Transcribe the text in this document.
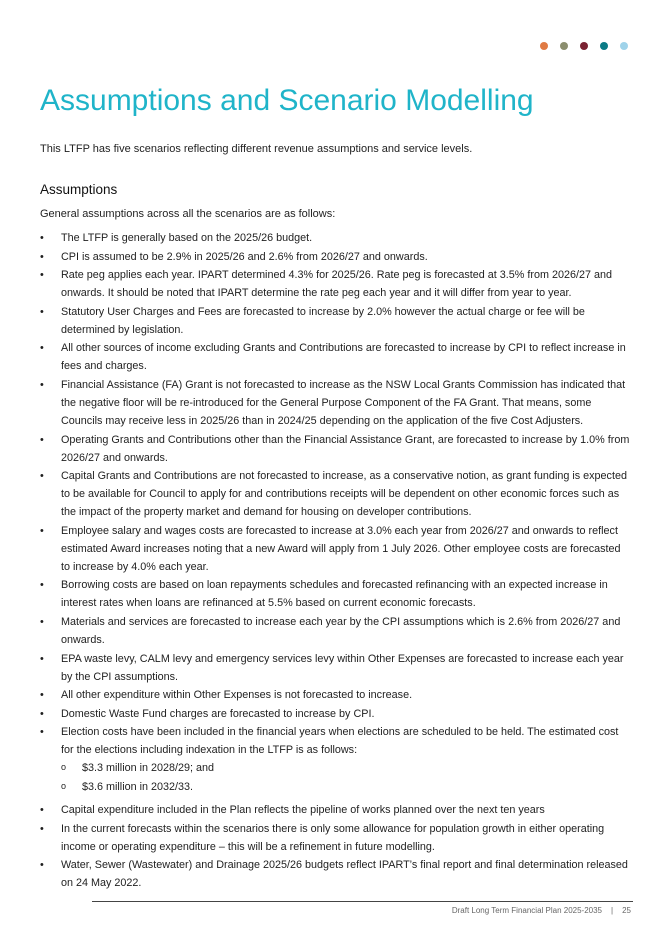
Assumptions and Scenario Modelling

This LTFP has five scenarios reflecting different revenue assumptions and service levels.

Assumptions

General assumptions across all the scenarios are as follows:

• The LTFP is generally based on the 2025/26 budget.
• CPI is assumed to be 2.9% in 2025/26 and 2.6% from 2026/27 and onwards.
• Rate peg applies each year. IPART determined 4.3% for 2025/26. Rate peg is forecasted at 3.5% from 2026/27 and onwards. It should be noted that IPART determine the rate peg each year and it will differ from year to year.
• Statutory User Charges and Fees are forecasted to increase by 2.0% however the actual charge or fee will be determined by legislation.
• All other sources of income excluding Grants and Contributions are forecasted to increase by CPI to reflect increase in fees and charges.
• Financial Assistance (FA) Grant is not forecasted to increase as the NSW Local Grants Commission has indicated that the negative floor will be re-introduced for the General Purpose Component of the FA Grant. That means, some Councils may receive less in 2025/26 than in 2024/25 depending on the application of the five Cost Adjusters.
• Operating Grants and Contributions other than the Financial Assistance Grant, are forecasted to increase by 1.0% from 2026/27 and onwards.
• Capital Grants and Contributions are not forecasted to increase, as a conservative notion, as grant funding is expected to be available for Council to apply for and contributions receipts will be dependent on other economic forces such as the impact of the property market and demand for housing on developer contributions.
• Employee salary and wages costs are forecasted to increase at 3.0% each year from 2026/27 and onwards to reflect estimated Award increases noting that a new Award will apply from 1 July 2026. Other employee costs are forecasted to increase by 4.0% each year.
• Borrowing costs are based on loan repayments schedules and forecasted refinancing with an expected increase in interest rates when loans are refinanced at 5.5% based on current economic forecasts.
• Materials and services are forecasted to increase each year by the CPI assumptions which is 2.6% from 2026/27 and onwards.
• EPA waste levy, CALM levy and emergency services levy within Other Expenses are forecasted to increase each year by the CPI assumptions.
• All other expenditure within Other Expenses is not forecasted to increase.
• Domestic Waste Fund charges are forecasted to increase by CPI.
• Election costs have been included in the financial years when elections are scheduled to be held. The estimated cost for the elections including indexation in the LTFP is as follows:
o $3.3 million in 2028/29; and
o $3.6 million in 2032/33.
• Capital expenditure included in the Plan reflects the pipeline of works planned over the next ten years
• In the current forecasts within the scenarios there is only some allowance for population growth in either operating income or operating expenditure – this will be a refinement in future modelling.
• Water, Sewer (Wastewater) and Drainage 2025/26 budgets reflect IPART’s final report and final determination released on 24 May 2022.
Draft Long Term Financial Plan 2025-2035 | 25
